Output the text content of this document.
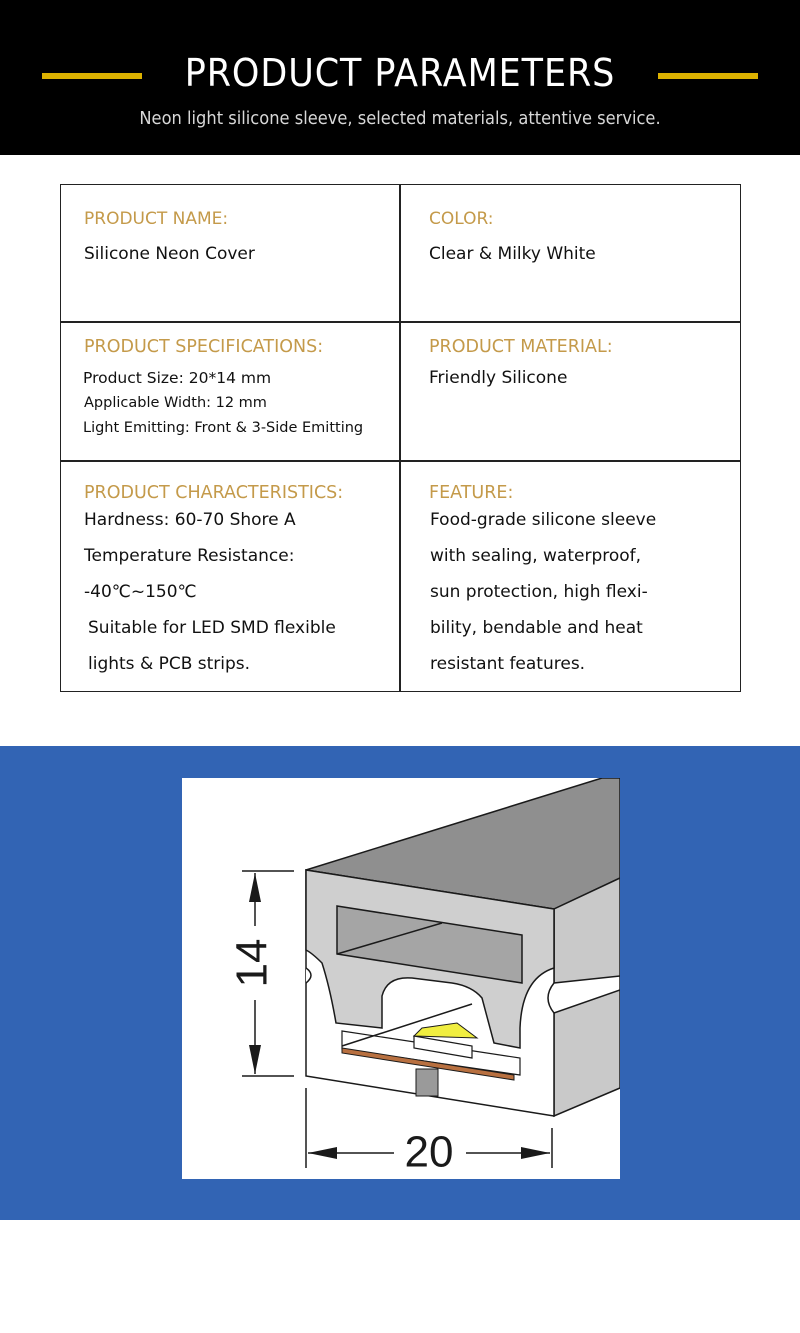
PRODUCT PARAMETERS
Neon light silicone sleeve, selected materials, attentive service.
PRODUCT NAME:
Silicone Neon Cover
COLOR:
Clear & Milky White
PRODUCT SPECIFICATIONS:
Product Size: 20*14 mm
Applicable Width: 12 mm
Light Emitting: Front & 3-Side Emitting
PRODUCT MATERIAL:
Friendly Silicone
PRODUCT CHARACTERISTICS:
Hardness: 60-70 Shore A
Temperature Resistance:
-40℃~150℃
Suitable for LED SMD flexible
lights & PCB strips.
FEATURE:
Food-grade silicone sleeve
with sealing, waterproof,
sun protection, high flexi-
bility, bendable and heat
resistant features.
14
20
